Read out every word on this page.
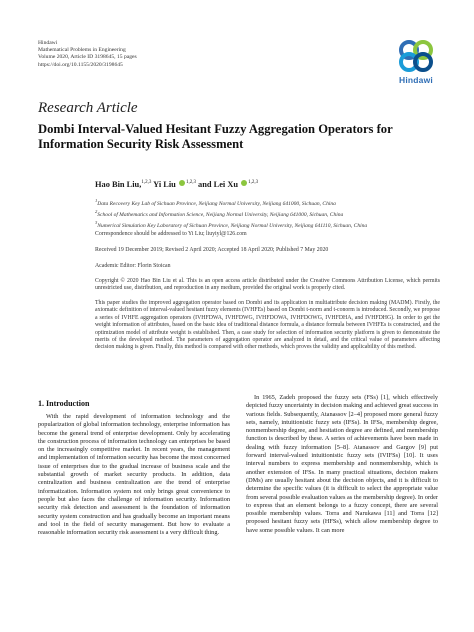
Hindawi
Mathematical Problems in Engineering
Volume 2020, Article ID 3198645, 15 pages
https://doi.org/10.1155/2020/3198645
Hindawi
Research Article
Dombi Interval-Valued Hesitant Fuzzy Aggregation Operators for Information Security Risk Assessment
Hao Bin Liu,$^{1,2,3}$ Yi Liu $^{1,2,3}$ and Lei Xu $^{1,2,3}$
$^1$Data Recovery Key Lab of Sichuan Province, Neijiang Normal University, Neijiang 641000, Sichuan, China
$^2$School of Mathematics and Information Science, Neijiang Normal University, Neijiang 641000, Sichuan, China
$^3$Numerical Simulation Key Laboratory of Sichuan Province, Neijiang Normal University, Neijiang 641110, Sichuan, China
Correspondence should be addressed to Yi Liu; liuyiyl@126.com
Received 19 December 2019; Revised 2 April 2020; Accepted 18 April 2020; Published 7 May 2020
Academic Editor: Florin Stoican
Copyright © 2020 Hao Bin Liu et al. This is an open access article distributed under the Creative Commons Attribution License, which permits unrestricted use, distribution, and reproduction in any medium, provided the original work is properly cited.
This paper studies the improved aggregation operator based on Dombi and its application in multiattribute decision making (MADM). Firstly, the axiomatic definition of interval-valued hesitant fuzzy elements (IVHFEs) based on Dombi t-norm and t-conorm is introduced. Secondly, we propose a series of IVHFE aggregation operators (IVHFDWA, IVHFDWG, IVHFDOWA, IVHFDOWG, IVHFDHA, and IVHFDHG). In order to get the weight information of attributes, based on the basic idea of traditional distance formula, a distance formula between IVHFEs is constructed, and the optimization model of attribute weight is established. Then, a case study for selection of information security platform is given to demonstrate the merits of the developed method. The parameters of aggregation operator are analyzed in detail, and the critical value of parameters affecting decision making is given. Finally, this method is compared with other methods, which proves the validity and applicability of this method.
1. Introduction

With the rapid development of information technology and the popularization of global information technology, enterprise information has become the general trend of enterprise development. Only by accelerating the construction process of information technology can enterprises be based on the increasingly competitive market. In recent years, the management and implementation of information security has become the most concerned issue of enterprises due to the gradual increase of business scale and the substantial growth of market security products. In addition, data centralization and business centralization are the trend of enterprise informatization. Information system not only brings great convenience to people but also faces the challenge of information security. Information security risk detection and assessment is the foundation of information security system construction and has gradually become an important means and tool in the field of security management. But how to evaluate a reasonable information security risk assessment is a very difficult thing.

In 1965, Zadeh proposed the fuzzy sets (FSs) [1], which effectively depicted fuzzy uncertainty in decision making and achieved great success in various fields. Subsequently, Atanassov [2–4] proposed more general fuzzy sets, namely, intuitionistic fuzzy sets (IFSs). In IFSs, membership degree, nonmembership degree, and hesitation degree are defined, and membership function is described by these. A series of achievements have been made in dealing with fuzzy information [5–8]. Atanassov and Gargov [9] put forward interval-valued intuitionistic fuzzy sets (IVIFSs) [10]. It uses interval numbers to express membership and nonmembership, which is another extension of IFSs. In many practical situations, decision makers (DMs) are usually hesitant about the decision objects, and it is difficult to determine the specific values (it is difficult to select the appropriate value from several possible evaluation values as the membership degree). In order to express that an element belongs to a fuzzy concept, there are several possible membership values. Torra and Narukawa [11] and Torra [12] proposed hesitant fuzzy sets (HFSs), which allow membership degree to have some possible values. It can more
